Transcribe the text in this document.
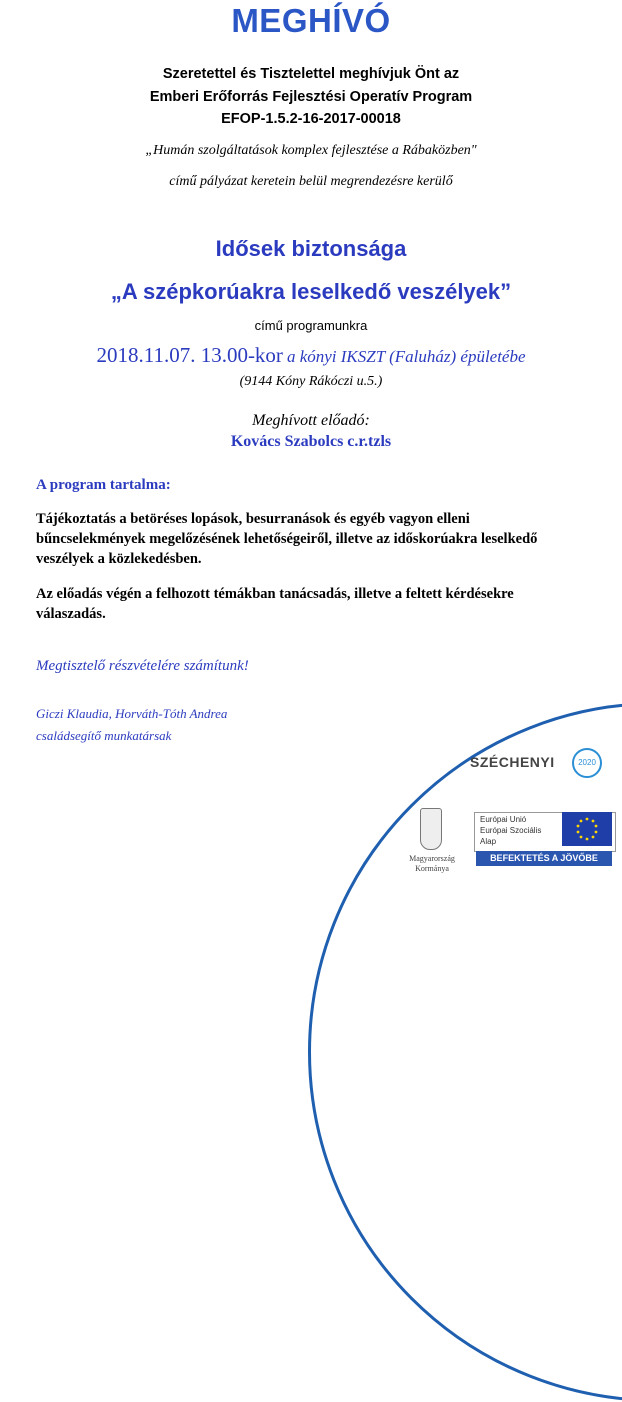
MEGHÍVÓ
Szeretettel és Tisztelettel meghívjuk Önt az
Emberi Erőforrás Fejlesztési Operatív Program
EFOP-1.5.2-16-2017-00018
„Humán szolgáltatások komplex fejlesztése a Rábaközben"
című pályázat keretein belül megrendezésre kerülő
Idősek biztonsága
„A szépkorúakra leselkedő veszélyek”
című programunkra
2018.11.07. 13.00-kor a kónyi IKSZT (Faluház) épületébe
(9144 Kóny Rákóczi u.5.)
Meghívott előadó:
Kovács Szabolcs c.r.tzls
A program tartalma:
Tájékoztatás a betöréses lopások, besurranások és egyéb vagyon elleni bűncselekmények megelőzésének lehetőségeiről, illetve az időskorúakra leselkedő veszélyek a közlekedésben.
Az előadás végén a felhozott témákban tanácsadás, illetve a feltett kérdésekre válaszadás.
Megtisztelő részvételére számítunk!
Giczi Klaudia, Horváth-Tóth Andrea
családsegítő munkatársak
SZÉCHENYI	2020
Magyarország
Kormánya
Európai Unió
Európai Szociális
Alap
BEFEKTETÉS A JÖVŐBE
